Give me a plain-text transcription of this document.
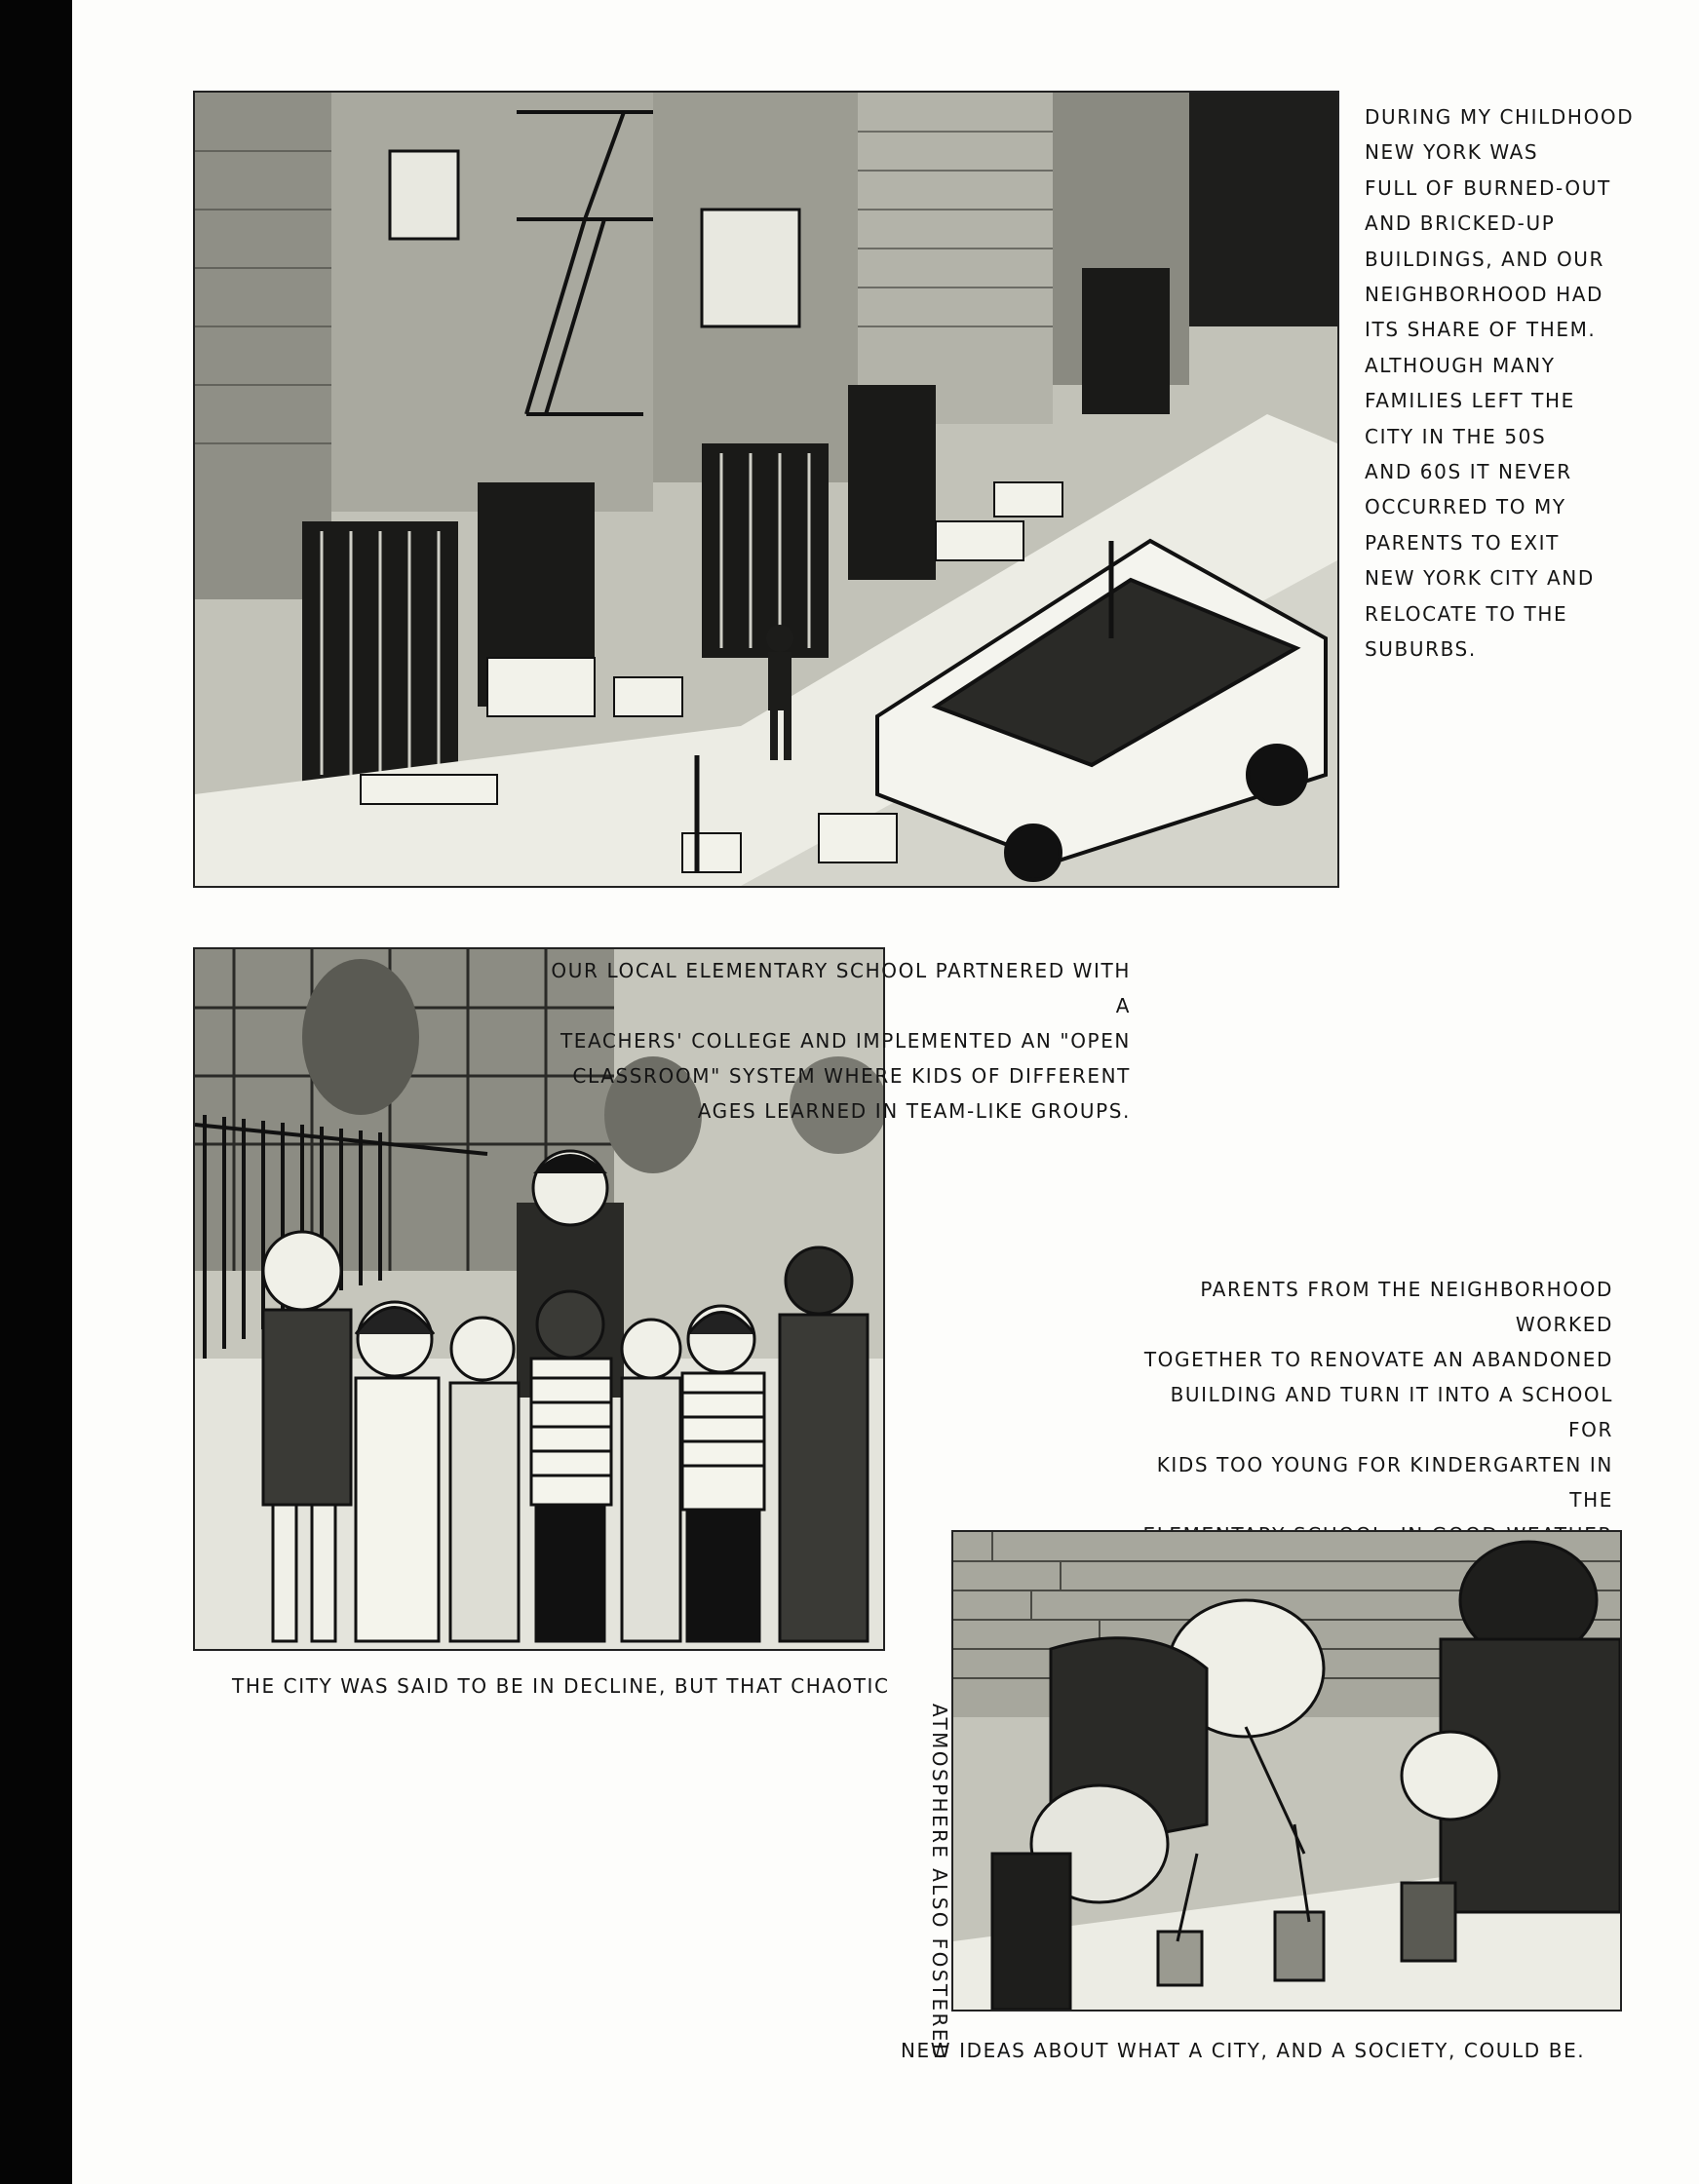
DURING MY CHILDHOOD
NEW YORK WAS
FULL OF BURNED-OUT
AND BRICKED-UP
BUILDINGS, AND OUR
NEIGHBORHOOD HAD
ITS SHARE OF THEM.
ALTHOUGH MANY
FAMILIES LEFT THE
CITY IN THE 50S
AND 60S IT NEVER
OCCURRED TO MY
PARENTS TO EXIT
NEW YORK CITY AND
RELOCATE TO THE
SUBURBS.
OUR LOCAL ELEMENTARY SCHOOL PARTNERED WITH A
TEACHERS' COLLEGE AND IMPLEMENTED AN "OPEN
CLASSROOM" SYSTEM WHERE KIDS OF DIFFERENT
AGES LEARNED IN TEAM-LIKE GROUPS.
PARENTS FROM THE NEIGHBORHOOD WORKED
TOGETHER TO RENOVATE AN ABANDONED
BUILDING AND TURN IT INTO A SCHOOL FOR
KIDS TOO YOUNG FOR KINDERGARTEN IN THE

THE CITY WAS SAID TO BE IN DECLINE, BUT THAT CHAOTIC
ATMOSPHERE ALSO FOSTERED
NEW IDEAS ABOUT WHAT A CITY, AND A SOCIETY, COULD BE.
